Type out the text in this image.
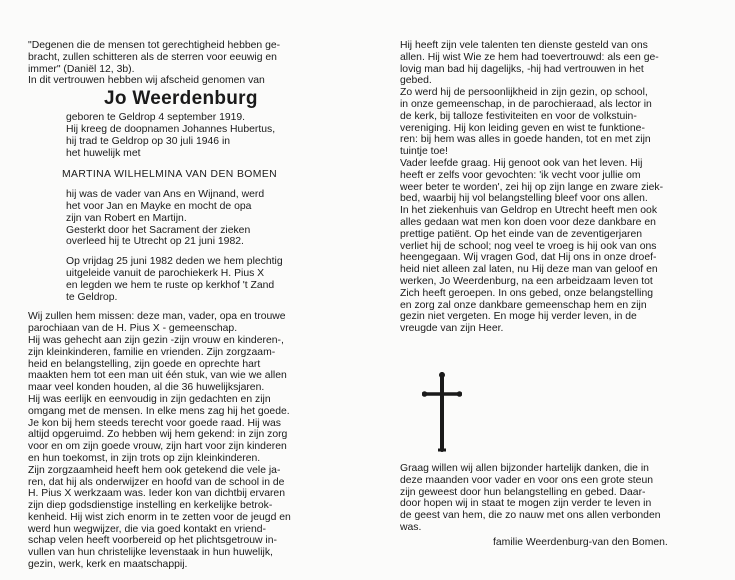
"Degenen die de mensen tot gerechtigheid hebben ge-
bracht, zullen schitteren als de sterren voor eeuwig en
immer" (Daniël 12, 3b).
In dit vertrouwen hebben wij afscheid genomen van

Jo Weerdenburg

geboren te Geldrop 4 september 1919.
Hij kreeg de doopnamen Johannes Hubertus,
hij trad te Geldrop op 30 juli 1946 in
het huwelijk met

MARTINA WILHELMINA VAN DEN BOMEN

hij was de vader van Ans en Wijnand, werd
het voor Jan en Mayke en mocht de opa
zijn van Robert en Martijn.
Gesterkt door het Sacrament der zieken
overleed hij te Utrecht op 21 juni 1982.

Op vrijdag 25 juni 1982 deden we hem plechtig
uitgeleide vanuit de parochiekerk H. Pius X
en legden we hem te ruste op kerkhof 't Zand
te Geldrop.

Wij zullen hem missen: deze man, vader, opa en trouwe
parochiaan van de H. Pius X - gemeenschap.
Hij was gehecht aan zijn gezin -zijn vrouw en kinderen-,
zijn kleinkinderen, familie en vrienden. Zijn zorgzaam-
heid en belangstelling, zijn goede en oprechte hart
maakten hem tot een man uit één stuk, van wie we allen
maar veel konden houden, al die 36 huwelijksjaren.
Hij was eerlijk en eenvoudig in zijn gedachten en zijn
omgang met de mensen. In elke mens zag hij het goede.
Je kon bij hem steeds terecht voor goede raad. Hij was
altijd opgeruimd. Zo hebben wij hem gekend: in zijn zorg
voor en om zijn goede vrouw, zijn hart voor zijn kinderen
en hun toekomst, in zijn trots op zijn kleinkinderen.
Zijn zorgzaamheid heeft hem ook getekend die vele ja-
ren, dat hij als onderwijzer en hoofd van de school in de
H. Pius X werkzaam was. Ieder kon van dichtbij ervaren
zijn diep godsdienstige instelling en kerkelijke betrok-
kenheid. Hij wist zich enorm in te zetten voor de jeugd en
werd hun wegwijzer, die via goed kontakt en vriend-
schap velen heeft voorbereid op het plichtsgetrouw in-
vullen van hun christelijke levenstaak in hun huwelijk,
gezin, werk, kerk en maatschappij.

Hij heeft zijn vele talenten ten dienste gesteld van ons
allen. Hij wist Wie ze hem had toevertrouwd: als een ge-
lovig man bad hij dagelijks, -hij had vertrouwen in het
gebed.
Zo werd hij de persoonlijkheid in zijn gezin, op school,
in onze gemeenschap, in de parochieraad, als lector in
de kerk, bij talloze festiviteiten en voor de volkstuin-
vereniging. Hij kon leiding geven en wist te funktione-
ren: bij hem was alles in goede handen, tot en met zijn
tuintje toe!
Vader leefde graag. Hij genoot ook van het leven. Hij
heeft er zelfs voor gevochten: 'ik vecht voor jullie om
weer beter te worden', zei hij op zijn lange en zware ziek-
bed, waarbij hij vol belangstelling bleef voor ons allen.
In het ziekenhuis van Geldrop en Utrecht heeft men ook
alles gedaan wat men kon doen voor deze dankbare en
prettige patiënt. Op het einde van de zeventigerjaren
verliet hij de school; nog veel te vroeg is hij ook van ons
heengegaan. Wij vragen God, dat Hij ons in onze droef-
heid niet alleen zal laten, nu Hij deze man van geloof en
werken, Jo Weerdenburg, na een arbeidzaam leven tot
Zich heeft geroepen. In ons gebed, onze belangstelling
en zorg zal onze dankbare gemeenschap hem en zijn
gezin niet vergeten. En moge hij verder leven, in de
vreugde van zijn Heer.

Graag willen wij allen bijzonder hartelijk danken, die in
deze maanden voor vader en voor ons een grote steun
zijn geweest door hun belangstelling en gebed. Daar-
door hopen wij in staat te mogen zijn verder te leven in
de geest van hem, die zo nauw met ons allen verbonden
was.

familie Weerdenburg-van den Bomen.
